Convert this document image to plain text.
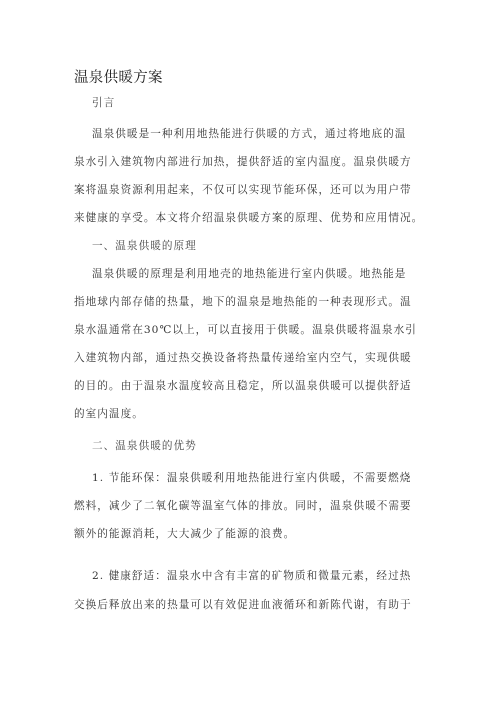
温泉供暖方案
引言
温泉供暖是一种利用地热能进行供暖的方式，通过将地底的温
泉水引入建筑物内部进行加热，提供舒适的室内温度。温泉供暖方
案将温泉资源利用起来，不仅可以实现节能环保，还可以为用户带
来健康的享受。本文将介绍温泉供暖方案的原理、优势和应用情况。
一、温泉供暖的原理
温泉供暖的原理是利用地壳的地热能进行室内供暖。地热能是
指地球内部存储的热量，地下的温泉是地热能的一种表现形式。温
泉水温通常在30℃以上，可以直接用于供暖。温泉供暖将温泉水引
入建筑物内部，通过热交换设备将热量传递给室内空气，实现供暖
的目的。由于温泉水温度较高且稳定，所以温泉供暖可以提供舒适
的室内温度。
二、温泉供暖的优势
1. 节能环保：温泉供暖利用地热能进行室内供暖，不需要燃烧
燃料，减少了二氧化碳等温室气体的排放。同时，温泉供暖不需要
额外的能源消耗，大大减少了能源的浪费。
2. 健康舒适：温泉水中含有丰富的矿物质和微量元素，经过热
交换后释放出来的热量可以有效促进血液循环和新陈代谢，有助于
